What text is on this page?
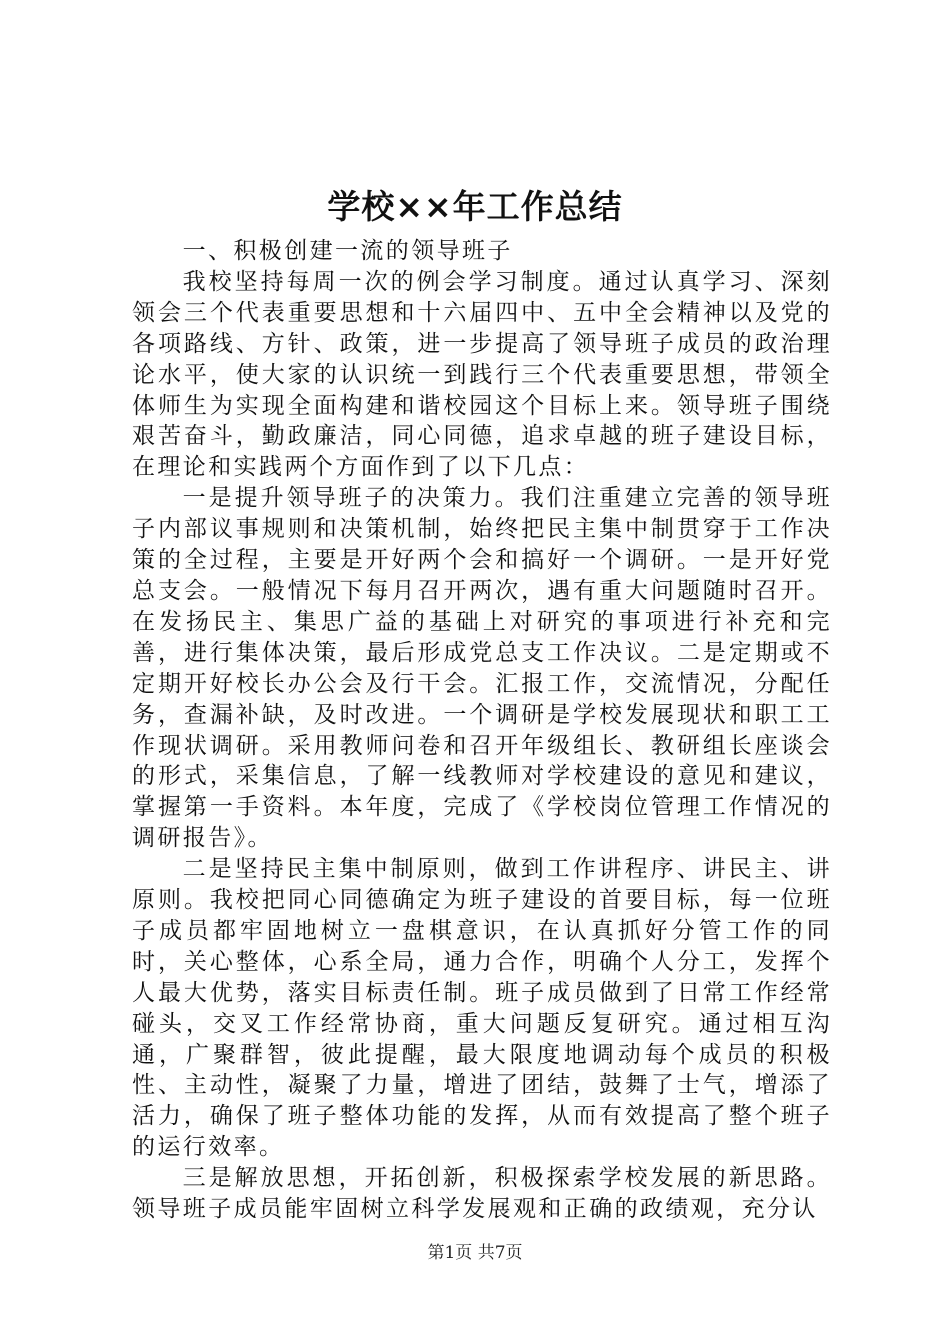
学校××年工作总结

一、积极创建一流的领导班子

我校坚持每周一次的例会学习制度。通过认真学习、深刻领会三个代表重要思想和十六届四中、五中全会精神以及党的各项路线、方针、政策，进一步提高了领导班子成员的政治理论水平，使大家的认识统一到践行三个代表重要思想，带领全体师生为实现全面构建和谐校园这个目标上来。领导班子围绕艰苦奋斗，勤政廉洁，同心同德，追求卓越的班子建设目标，在理论和实践两个方面作到了以下几点：

一是提升领导班子的决策力。我们注重建立完善的领导班子内部议事规则和决策机制，始终把民主集中制贯穿于工作决策的全过程，主要是开好两个会和搞好一个调研。一是开好党总支会。一般情况下每月召开两次，遇有重大问题随时召开。在发扬民主、集思广益的基础上对研究的事项进行补充和完善，进行集体决策，最后形成党总支工作决议。二是定期或不定期开好校长办公会及行干会。汇报工作，交流情况，分配任务，查漏补缺，及时改进。一个调研是学校发展现状和职工工作现状调研。采用教师问卷和召开年级组长、教研组长座谈会的形式，采集信息，了解一线教师对学校建设的意见和建议，掌握第一手资料。本年度，完成了《学校岗位管理工作情况的调研报告》。

二是坚持民主集中制原则，做到工作讲程序、讲民主、讲原则。我校把同心同德确定为班子建设的首要目标，每一位班子成员都牢固地树立一盘棋意识，在认真抓好分管工作的同时，关心整体，心系全局，通力合作，明确个人分工，发挥个人最大优势，落实目标责任制。班子成员做到了日常工作经常碰头，交叉工作经常协商，重大问题反复研究。通过相互沟通，广聚群智，彼此提醒，最大限度地调动每个成员的积极性、主动性，凝聚了力量，增进了团结，鼓舞了士气，增添了活力，确保了班子整体功能的发挥，从而有效提高了整个班子的运行效率。

三是解放思想，开拓创新，积极探索学校发展的新思路。领导班子成员能牢固树立科学发展观和正确的政绩观，充分认

第1页 共7页
